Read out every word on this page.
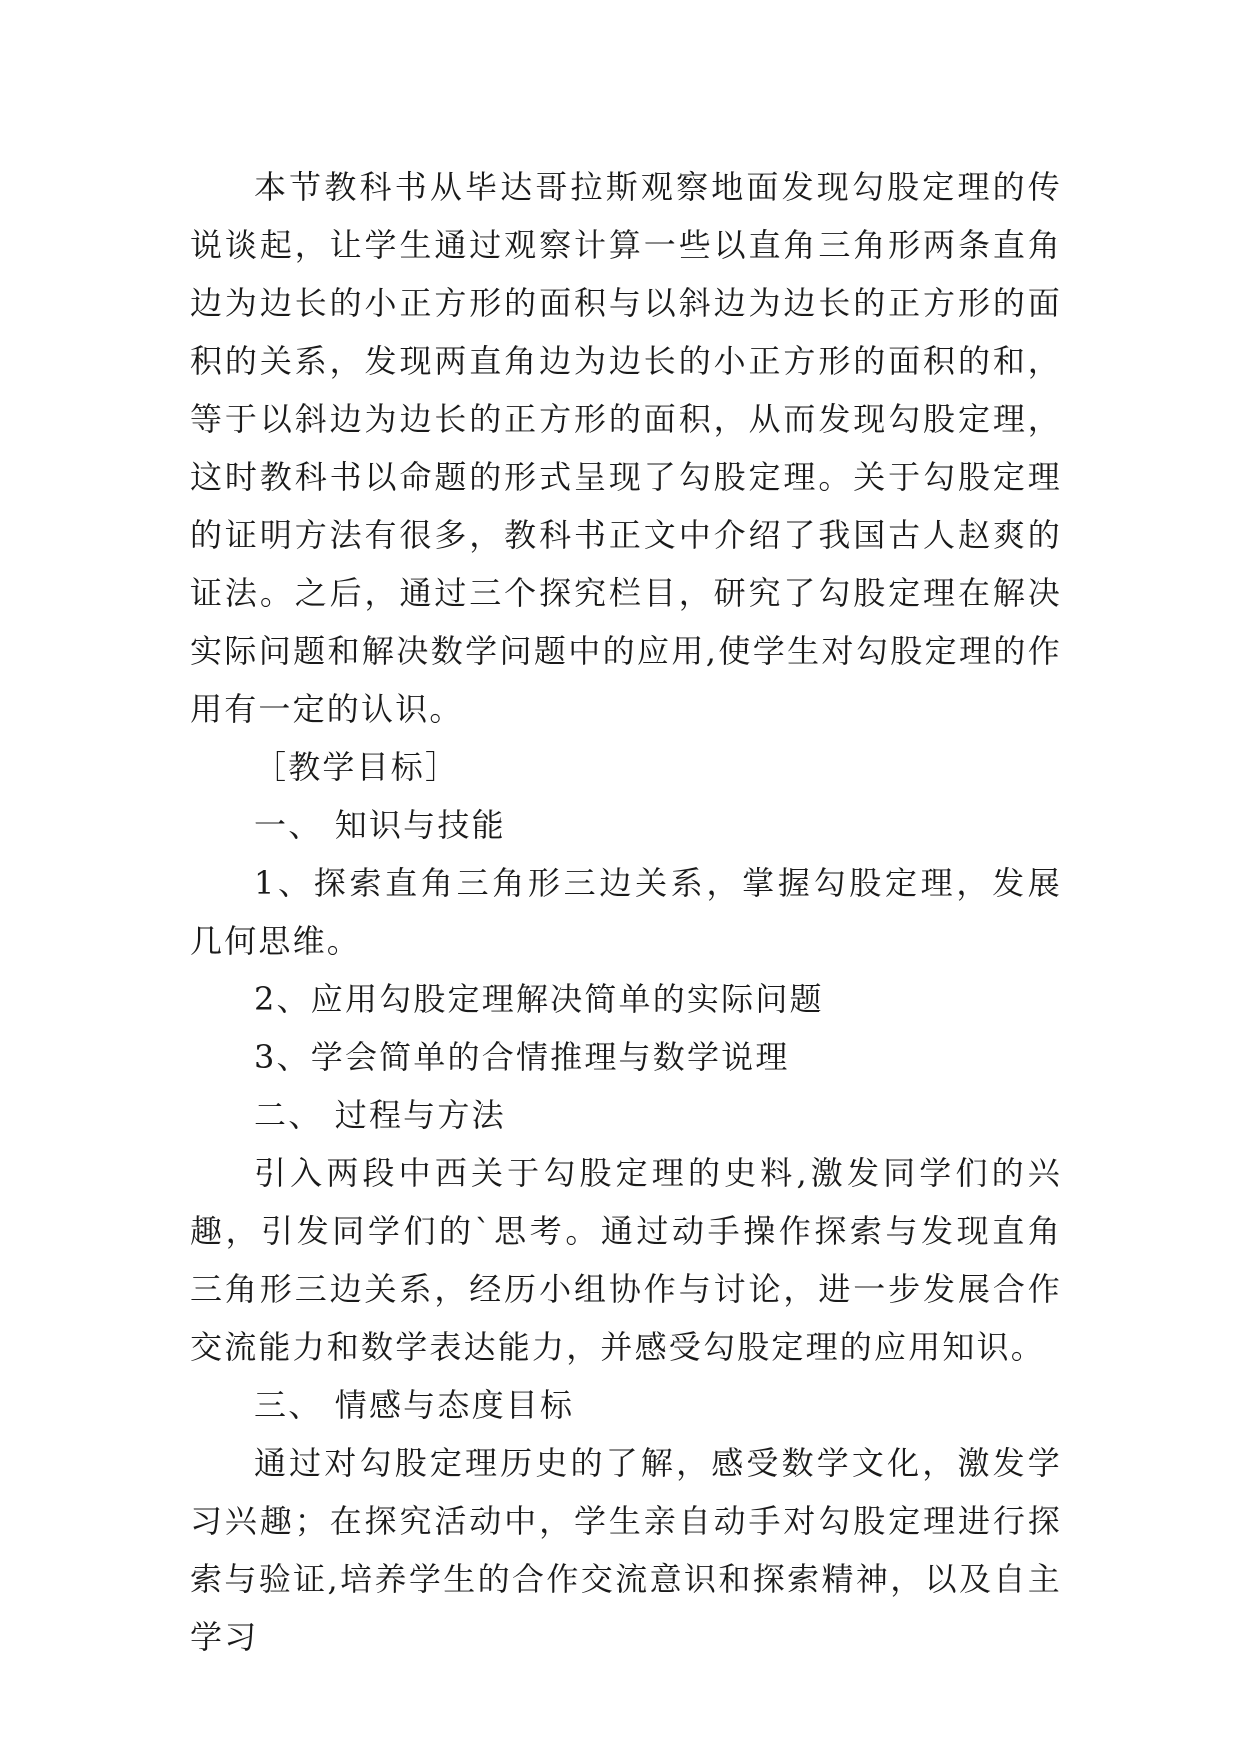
本节教科书从毕达哥拉斯观察地面发现勾股定理的传说谈起，让学生通过观察计算一些以直角三角形两条直角边为边长的小正方形的面积与以斜边为边长的正方形的面积的关系，发现两直角边为边长的小正方形的面积的和，等于以斜边为边长的正方形的面积，从而发现勾股定理，这时教科书以命题的形式呈现了勾股定理。关于勾股定理的证明方法有很多，教科书正文中介绍了我国古人赵爽的证法。之后，通过三个探究栏目，研究了勾股定理在解决实际问题和解决数学问题中的应用,使学生对勾股定理的作用有一定的认识。

［教学目标］

一、 知识与技能

1、探索直角三角形三边关系，掌握勾股定理，发展几何思维。

2、应用勾股定理解决简单的实际问题

3、学会简单的合情推理与数学说理

二、 过程与方法

引入两段中西关于勾股定理的史料,激发同学们的兴趣，引发同学们的`思考。通过动手操作探索与发现直角三角形三边关系，经历小组协作与讨论，进一步发展合作交流能力和数学表达能力，并感受勾股定理的应用知识。

三、 情感与态度目标

通过对勾股定理历史的了解，感受数学文化，激发学习兴趣；在探究活动中，学生亲自动手对勾股定理进行探索与验证,培养学生的合作交流意识和探索精神，以及自主学习
